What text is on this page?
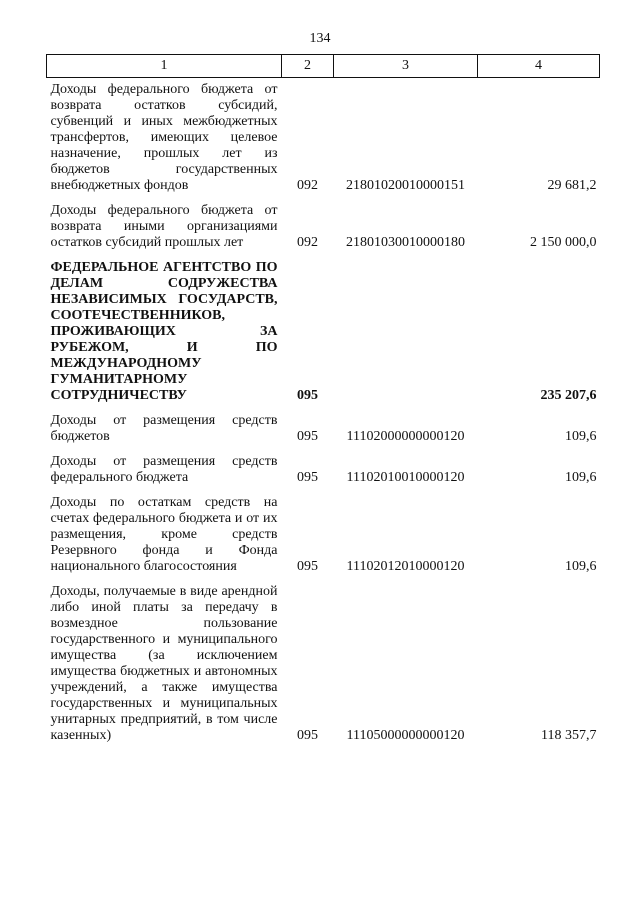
134
1	2	3	4
Доходы федерального бюджета от возврата остатков субсидий, субвенций и иных межбюджетных трансфертов, имеющих целевое назначение, прошлых лет из бюджетов государственных внебюджетных фондов	092	21801020010000151	29 681,2
Доходы федерального бюджета от возврата иными организациями остатков субсидий прошлых лет	092	21801030010000180	2 150 000,0
ФЕДЕРАЛЬНОЕ АГЕНТСТВО ПО ДЕЛАМ СОДРУЖЕСТВА НЕЗАВИСИМЫХ ГОСУДАРСТВ, СООТЕЧЕСТВЕННИКОВ, ПРОЖИВАЮЩИХ ЗА РУБЕЖОМ, И ПО МЕЖДУНАРОДНОМУ ГУМАНИТАРНОМУ СОТРУДНИЧЕСТВУ	095		235 207,6
Доходы от размещения средств бюджетов	095	11102000000000120	109,6
Доходы от размещения средств федерального бюджета	095	11102010010000120	109,6
Доходы по остаткам средств на счетах федерального бюджета и от их размещения, кроме средств Резервного фонда и Фонда национального благосостояния	095	11102012010000120	109,6
Доходы, получаемые в виде арендной либо иной платы за передачу в возмездное пользование государственного и муниципального имущества (за исключением имущества бюджетных и автономных учреждений, а также имущества государственных и муниципальных унитарных предприятий, в том числе казенных)	095	11105000000000120	118 357,7
